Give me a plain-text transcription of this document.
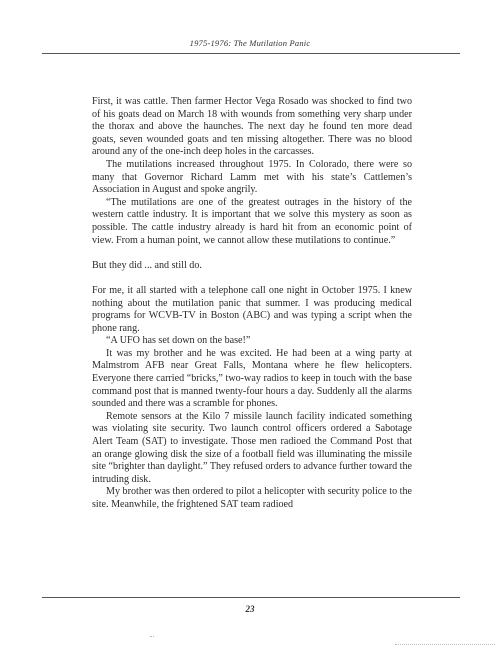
1975-1976: The Mutilation Panic

First, it was cattle. Then farmer Hector Vega Rosado was shocked to find two of his goats dead on March 18 with wounds from something very sharp under the thorax and above the haunches. The next day he found ten more dead goats, seven wounded goats and ten missing altogether. There was no blood around any of the one-inch deep holes in the carcasses.

The mutilations increased throughout 1975. In Colorado, there were so many that Governor Richard Lamm met with his state’s Cattlemen’s Association in August and spoke angrily.

“The mutilations are one of the greatest outrages in the history of the western cattle industry. It is important that we solve this mystery as soon as possible. The cattle industry already is hard hit from an economic point of view. From a human point, we cannot allow these mutilations to continue.”

But they did ... and still do.

For me, it all started with a telephone call one night in October 1975. I knew nothing about the mutilation panic that summer. I was producing medical programs for WCVB-TV in Boston (ABC) and was typing a script when the phone rang.

“A UFO has set down on the base!”

It was my brother and he was excited. He had been at a wing party at Malmstrom AFB near Great Falls, Montana where he flew helicopters. Everyone there carried “bricks,” two-way radios to keep in touch with the base command post that is manned twenty-four hours a day. Suddenly all the alarms sounded and there was a scramble for phones.

Remote sensors at the Kilo 7 missile launch facility indicated something was violating site security. Two launch control officers ordered a Sabotage Alert Team (SAT) to investigate. Those men radioed the Command Post that an orange glowing disk the size of a football field was illuminating the missile site “brighter than daylight.” They refused orders to advance further toward the intruding disk.

My brother was then ordered to pilot a helicopter with security police to the site. Meanwhile, the frightened SAT team radioed

23
